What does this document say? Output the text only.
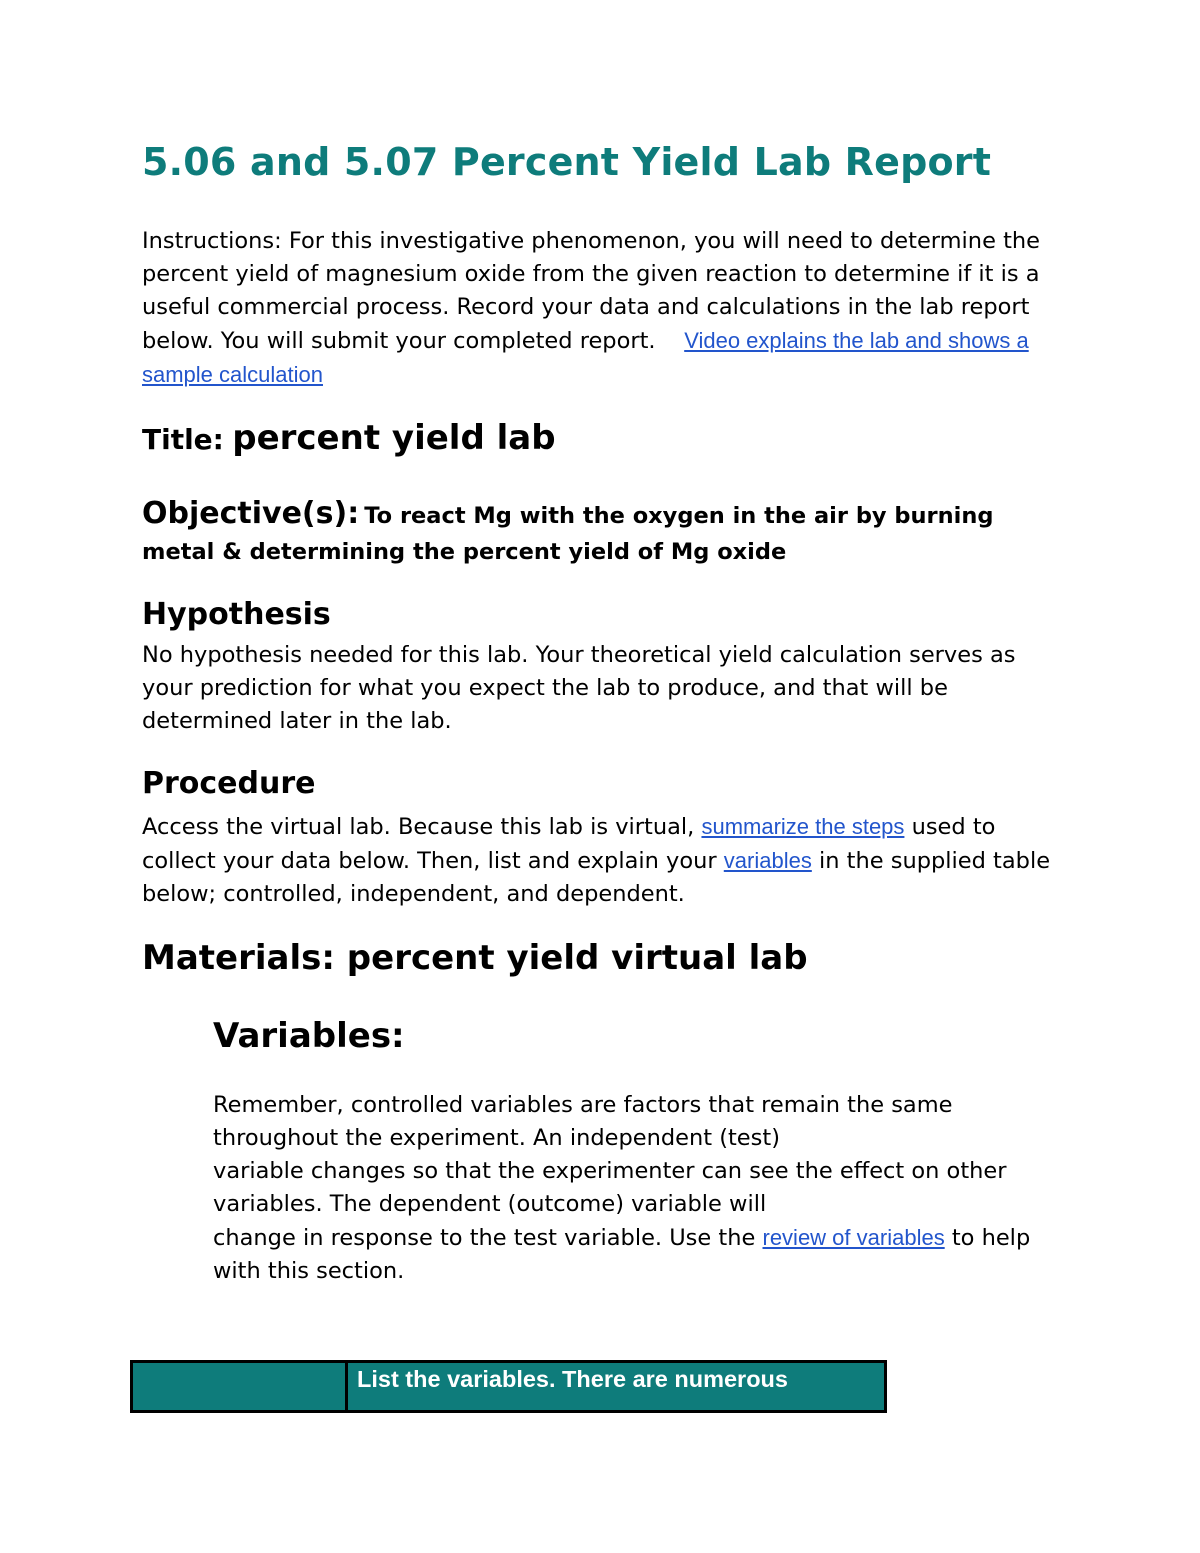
5.06 and 5.07 Percent Yield Lab Report

Instructions: For this investigative phenomenon, you will need to determine the percent yield of magnesium oxide from the given reaction to determine if it is a useful commercial process. Record your data and calculations in the lab report below. You will submit your completed report. Video explains the lab and shows a sample calculation

Title: percent yield lab

Objective(s): To react Mg with the oxygen in the air by burning metal & determining the percent yield of Mg oxide

Hypothesis

No hypothesis needed for this lab. Your theoretical yield calculation serves as your prediction for what you expect the lab to produce, and that will be determined later in the lab.

Procedure

Access the virtual lab. Because this lab is virtual, summarize the steps used to collect your data below. Then, list and explain your variables in the supplied table below; controlled, independent, and dependent.

Materials: percent yield virtual lab
Variables:

Remember, controlled variables are factors that remain the same throughout the experiment. An independent (test)
variable changes so that the experimenter can see the effect on other variables. The dependent (outcome) variable will
change in response to the test variable. Use the review of variables to help with this section.

	List the variables. There are numerous
